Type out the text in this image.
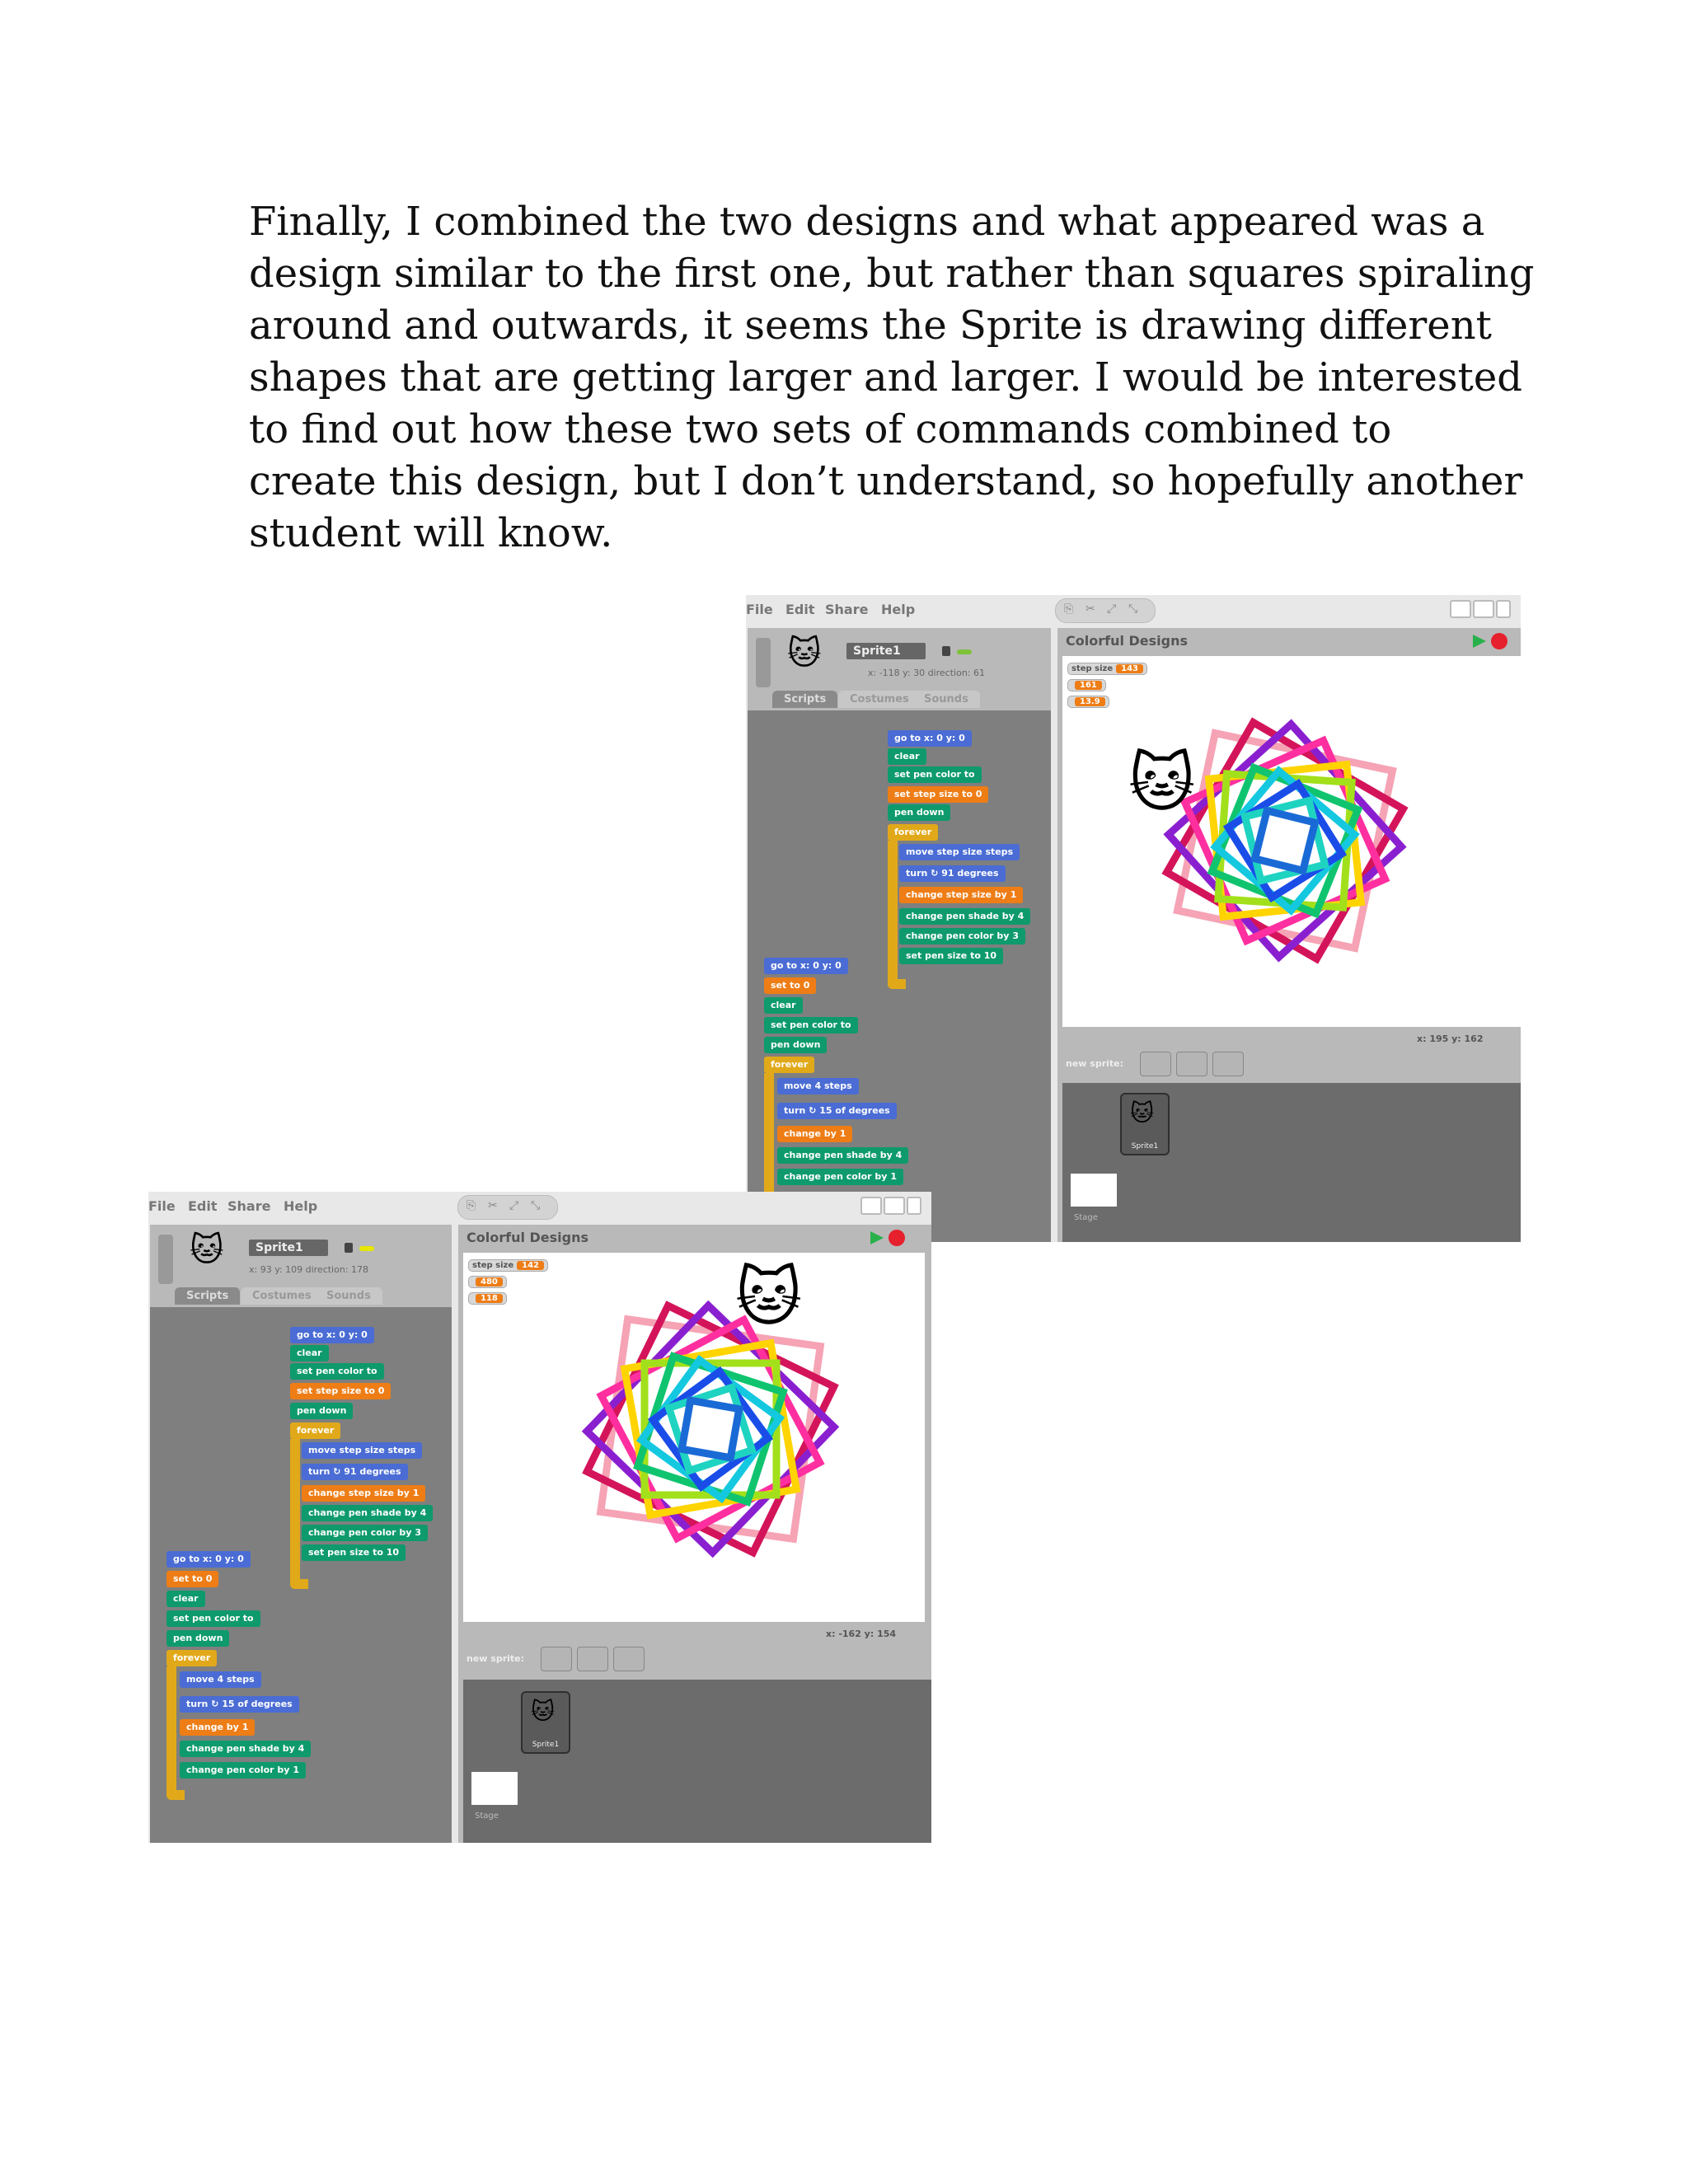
Finally, I combined the two designs and what appeared was a
design similar to the first one, but rather than squares spiraling
around and outwards, it seems the Sprite is drawing different
shapes that are getting larger and larger. I would be interested
to find out how these two sets of commands combined to
create this design, but I don’t understand, so hopefully another
student will know.
File Edit Share Help	⎘ ✂ ⤢ ⤡
🐱	Sprite1
x: -118 y: 30 direction: 61
Scripts	Costumes	Sounds
go to x: 0 y: 0
clear
set pen color to
set step size to 0
pen down
forever
move step size steps
turn ↻ 91 degrees
change step size by 1
change pen shade by 4
change pen color by 3
set pen size to 10
go to x: 0 y: 0
set to 0
clear
set pen color to
pen down
forever
move 4 steps
turn ↻ 15 of degrees
change by 1
change pen shade by 4
change pen color by 1
Colorful Designs
step size 143
161
13.9
🐱
x: 195 y: 162
new sprite:
🐱
Sprite1
Stage
File Edit Share Help	⎘ ✂ ⤢ ⤡
🐱	Sprite1
x: 93 y: 109 direction: 178
Scripts	Costumes	Sounds
go to x: 0 y: 0
clear
set pen color to
set step size to 0
pen down
forever
move step size steps
turn ↻ 91 degrees
change step size by 1
change pen shade by 4
change pen color by 3
set pen size to 10
go to x: 0 y: 0
set to 0
clear
set pen color to
pen down
forever
move 4 steps
turn ↻ 15 of degrees
change by 1
change pen shade by 4
change pen color by 1
Colorful Designs
step size 142
480
118	🐱
x: -162 y: 154
new sprite:
🐱
Sprite1
Stage
